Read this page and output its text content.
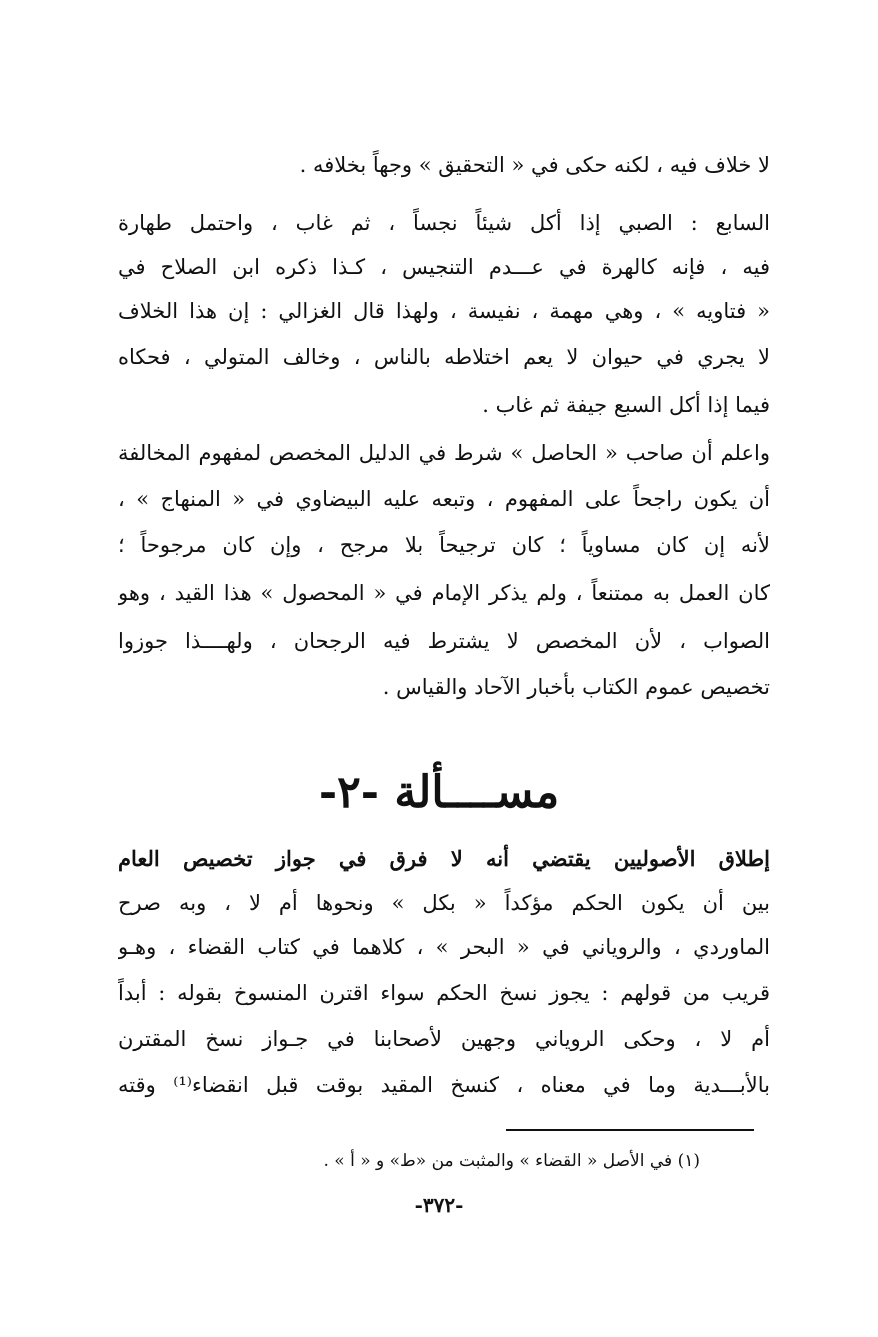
لا خلاف فيه ، لكنه حكى في « التحقيق » وجهاً بخلافه .
السابع : الصبي إذا أكل شيئاً نجساً ، ثم غاب ، واحتمل طهارة
فيه ، فإنه كالهرة في عـــدم التنجيس ، كـذا ذكره ابن الصلاح في
« فتاويه » ، وهي مهمة ، نفيسة ، ولهذا قال الغزالي : إن هذا الخلاف
لا يجري في حيوان لا يعم اختلاطه بالناس ، وخالف المتولي ، فحكاه
فيما إذا أكل السبع جيفة ثم غاب .
واعلم أن صاحب « الحاصل » شرط في الدليل المخصص لمفهوم المخالفة
أن يكون راجحاً على المفهوم ، وتبعه عليه البيضاوي في « المنهاج » ،
لأنه إن كان مساوياً ؛ كان ترجيحاً بلا مرجح ، وإن كان مرجوحاً ؛
كان العمل به ممتنعاً ، ولم يذكر الإمام في « المحصول » هذا القيد ، وهو
الصواب ، لأن المخصص لا يشترط فيه الرجحان ، ولهــــذا جوزوا
تخصيص عموم الكتاب بأخبار الآحاد والقياس .
مســــألة -٢-
إطلاق الأصوليين يقتضي أنه لا فرق في جواز تخصيص العام
بين أن يكون الحكم مؤكداً « بكل » ونحوها أم لا ، وبه صرح
الماوردي ، والروياني في « البحر » ، كلاهما في كتاب القضاء ، وهـو
قريب من قولهم : يجوز نسخ الحكم سواء اقترن المنسوخ بقوله : أبداً
أم لا ، وحكى الروياني وجهين لأصحابنا في جـواز نسخ المقترن
بالأبـــدية وما في معناه ، كنسخ المقيد بوقت قبل انقضاء⁽¹⁾ وقته
(١) في الأصل « القضاء » والمثبت من «ط» و « أ » .
-٣٧٢-
